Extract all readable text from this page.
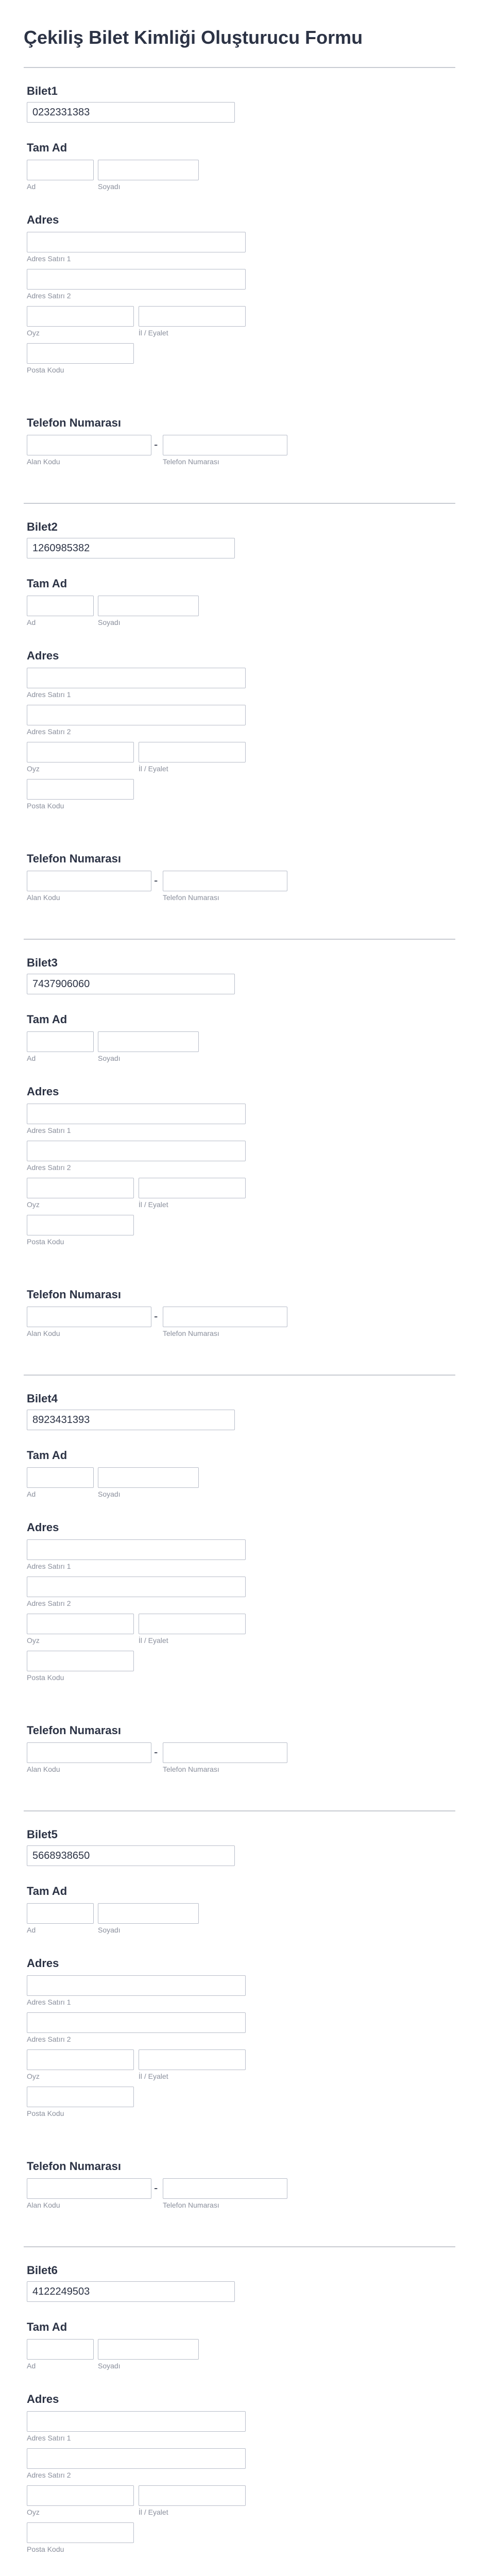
Çekiliş Bilet Kimliği Oluşturucu Formu

Bilet1

0232331383

Tam Ad

Ad	Soyadı

Adres

Adres Satırı 1

Adres Satırı 2

Oyz	İl / Eyalet

Posta Kodu

Telefon Numarası

-

Alan Kodu	Telefon Numarası

Bilet2

1260985382

Tam Ad

Ad	Soyadı

Adres

Adres Satırı 1

Adres Satırı 2

Oyz	İl / Eyalet

Posta Kodu

Telefon Numarası

-

Alan Kodu	Telefon Numarası

Bilet3

7437906060

Tam Ad

Ad	Soyadı

Adres

Adres Satırı 1

Adres Satırı 2

Oyz	İl / Eyalet

Posta Kodu

Telefon Numarası

-

Alan Kodu	Telefon Numarası

Bilet4

8923431393

Tam Ad

Ad	Soyadı

Adres

Adres Satırı 1

Adres Satırı 2

Oyz	İl / Eyalet

Posta Kodu

Telefon Numarası

-

Alan Kodu	Telefon Numarası

Bilet5

5668938650

Tam Ad

Ad	Soyadı

Adres

Adres Satırı 1

Adres Satırı 2

Oyz	İl / Eyalet

Posta Kodu

Telefon Numarası

-

Alan Kodu	Telefon Numarası

Bilet6

4122249503

Tam Ad

Ad	Soyadı

Adres

Adres Satırı 1

Adres Satırı 2

Oyz	İl / Eyalet

Posta Kodu
